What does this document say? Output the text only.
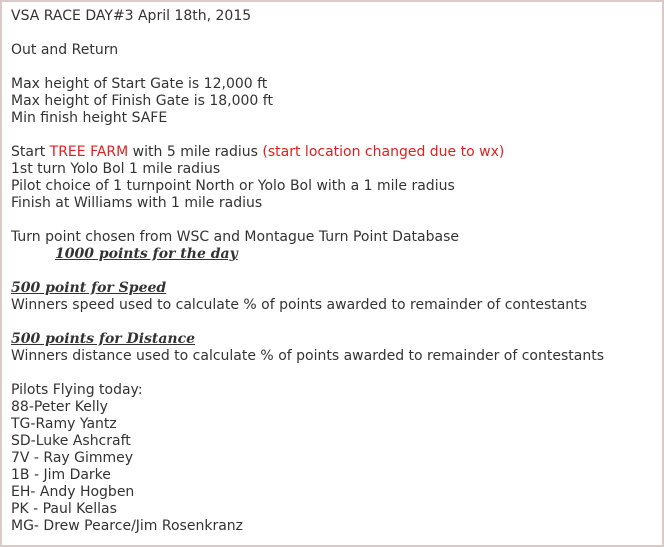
VSA RACE DAY#3 April 18th, 2015
Out and Return
Max height of Start Gate is 12,000 ft
Max height of Finish Gate is 18,000 ft
Min finish height SAFE
Start TREE FARM with 5 mile radius (start location changed due to wx)
1st turn Yolo Bol 1 mile radius
Pilot choice of 1 turnpoint North or Yolo Bol with a 1 mile radius
Finish at Williams with 1 mile radius
Turn point chosen from WSC and Montague Turn Point Database
1000 points for the day
500 point for Speed
Winners speed used to calculate % of points awarded to remainder of contestants
500 points for Distance
Winners distance used to calculate % of points awarded to remainder of contestants
Pilots Flying today:
88-Peter Kelly
TG-Ramy Yantz
SD-Luke Ashcraft
7V - Ray Gimmey
1B - Jim Darke
EH- Andy Hogben
PK - Paul Kellas
MG- Drew Pearce/Jim Rosenkranz
